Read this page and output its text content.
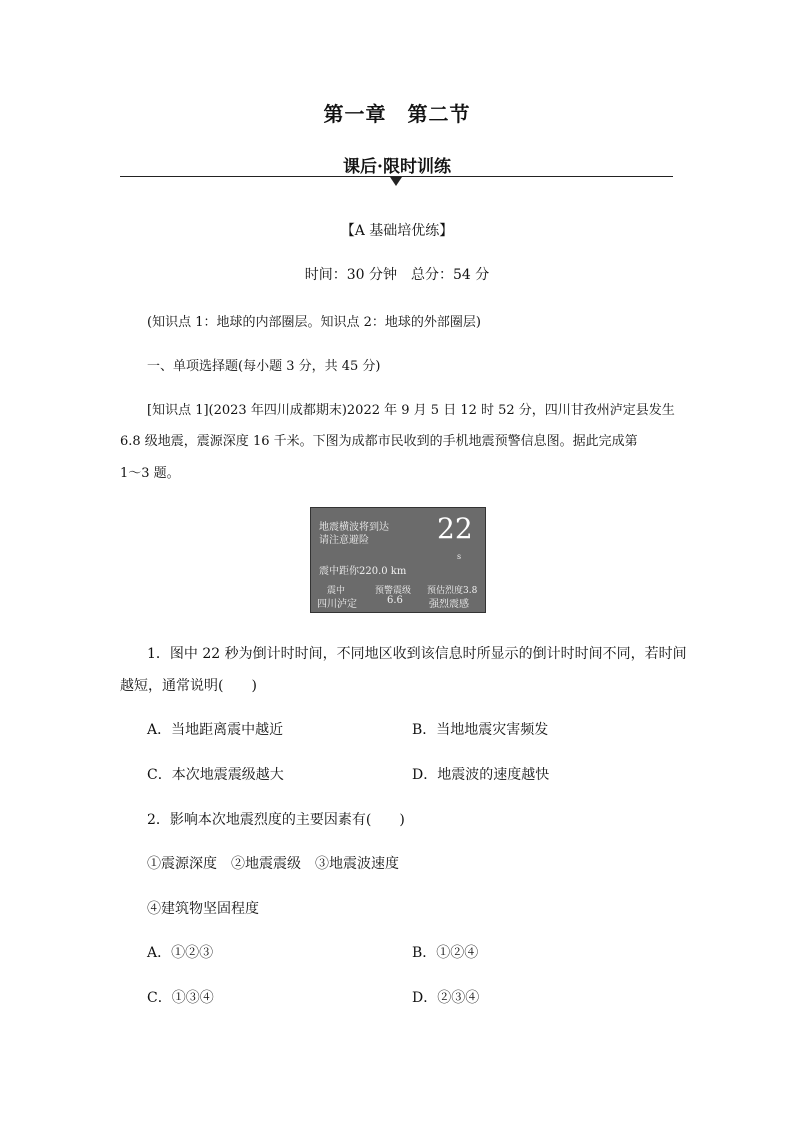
第一章　第二节
课后·限时训练
【A 基础培优练】
时间：30 分钟　总分：54 分
(知识点 1：地球的内部圈层。知识点 2：地球的外部圈层)
一、单项选择题(每小题 3 分，共 45 分)
[知识点 1](2023 年四川成都期末)2022 年 9 月 5 日 12 时 52 分，四川甘孜州泸定县发生
6.8 级地震，震源深度 16 千米。下图为成都市民收到的手机地震预警信息图。据此完成第
1～3 题。
地震横波将到达
请注意避险 22
s
震中距你220.0 km
震中
四川泸定
预警震级
6.6
预估烈度3.8
强烈震感
1．图中 22 秒为倒计时时间，不同地区收到该信息时所显示的倒计时时间不同，若时间
越短，通常说明(　　)
A．当地距离震中越近	B．当地地震灾害频发
C．本次地震震级越大	D．地震波的速度越快
2．影响本次地震烈度的主要因素有(　　)
①震源深度　②地震震级　③地震波速度
④建筑物坚固程度
A．①②③	B．①②④
C．①③④	D．②③④
